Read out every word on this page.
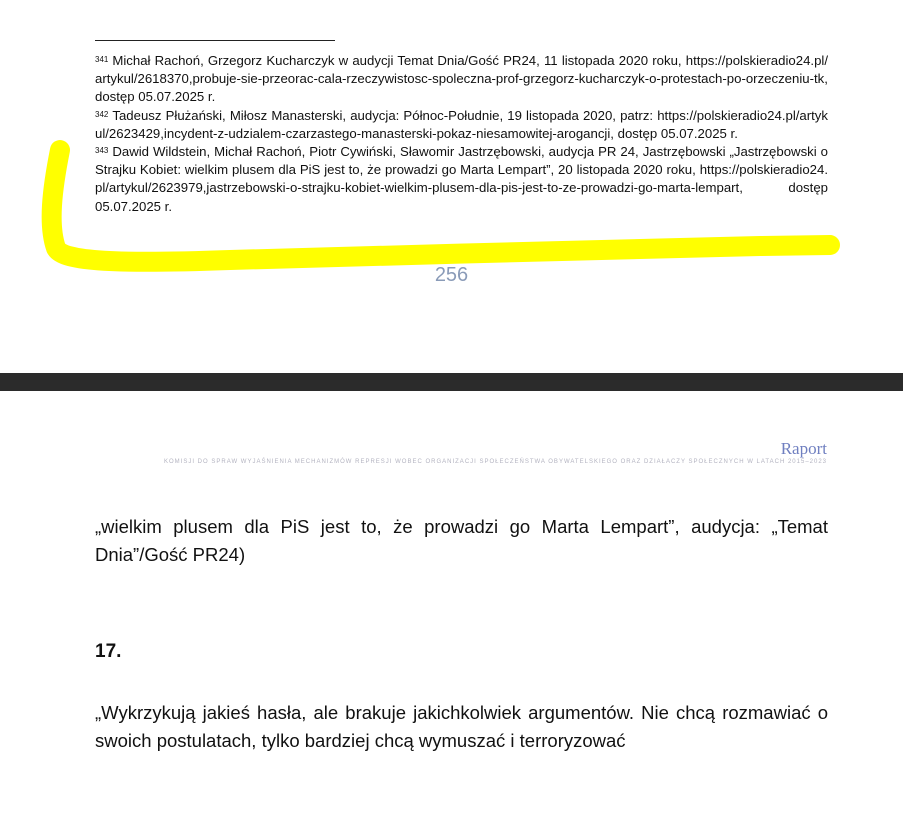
$^{341}$ Michał Rachoń, Grzegorz Kucharczyk w audycji Temat Dnia/Gość PR24, 11 listopada 2020 roku, https://polskieradio24.pl/artykul/2618370,probuje-sie-przeorac-cala-rzeczywistosc-spoleczna-prof-grzegorz-kucharczyk-o-protestach-po-orzeczeniu-tk, dostęp 05.07.2025 r.

$^{342}$ Tadeusz Płużański, Miłosz Manasterski, audycja: Północ-Południe, 19 listopada 2020, patrz: https://polskieradio24.pl/artykul/2623429,incydent-z-udzialem-czarzastego-manasterski-pokaz-niesamowitej-arogancji, dostęp 05.07.2025 r.

$^{343}$ Dawid Wildstein, Michał Rachoń, Piotr Cywiński, Sławomir Jastrzębowski, audycja PR 24, Jastrzębowski „Jastrzębowski o Strajku Kobiet: wielkim plusem dla PiS jest to, że prowadzi go Marta Lempart”, 20 listopada 2020 roku, https://polskieradio24.pl/artykul/2623979,jastrzebowski-o-strajku-kobiet-wielkim-plusem-dla-pis-jest-to-ze-prowadzi-go-marta-lempart,	dostęp 05.07.2025 r.

256
Raport
KOMISJI DO SPRAW WYJAŚNIENIA MECHANIZMÓW REPRESJI WOBEC ORGANIZACJI SPOŁECZEŃSTWA OBYWATELSKIEGO ORAZ DZIAŁACZY SPOŁECZNYCH W LATACH 2015–2023
„wielkim plusem dla PiS jest to, że prowadzi go Marta Lempart”, audycja: „Temat Dnia”/Gość PR24)
17.
„Wykrzykują jakieś hasła, ale brakuje jakichkolwiek argumentów. Nie chcą rozmawiać o swoich postulatach, tylko bardziej chcą wymuszać i terroryzować
